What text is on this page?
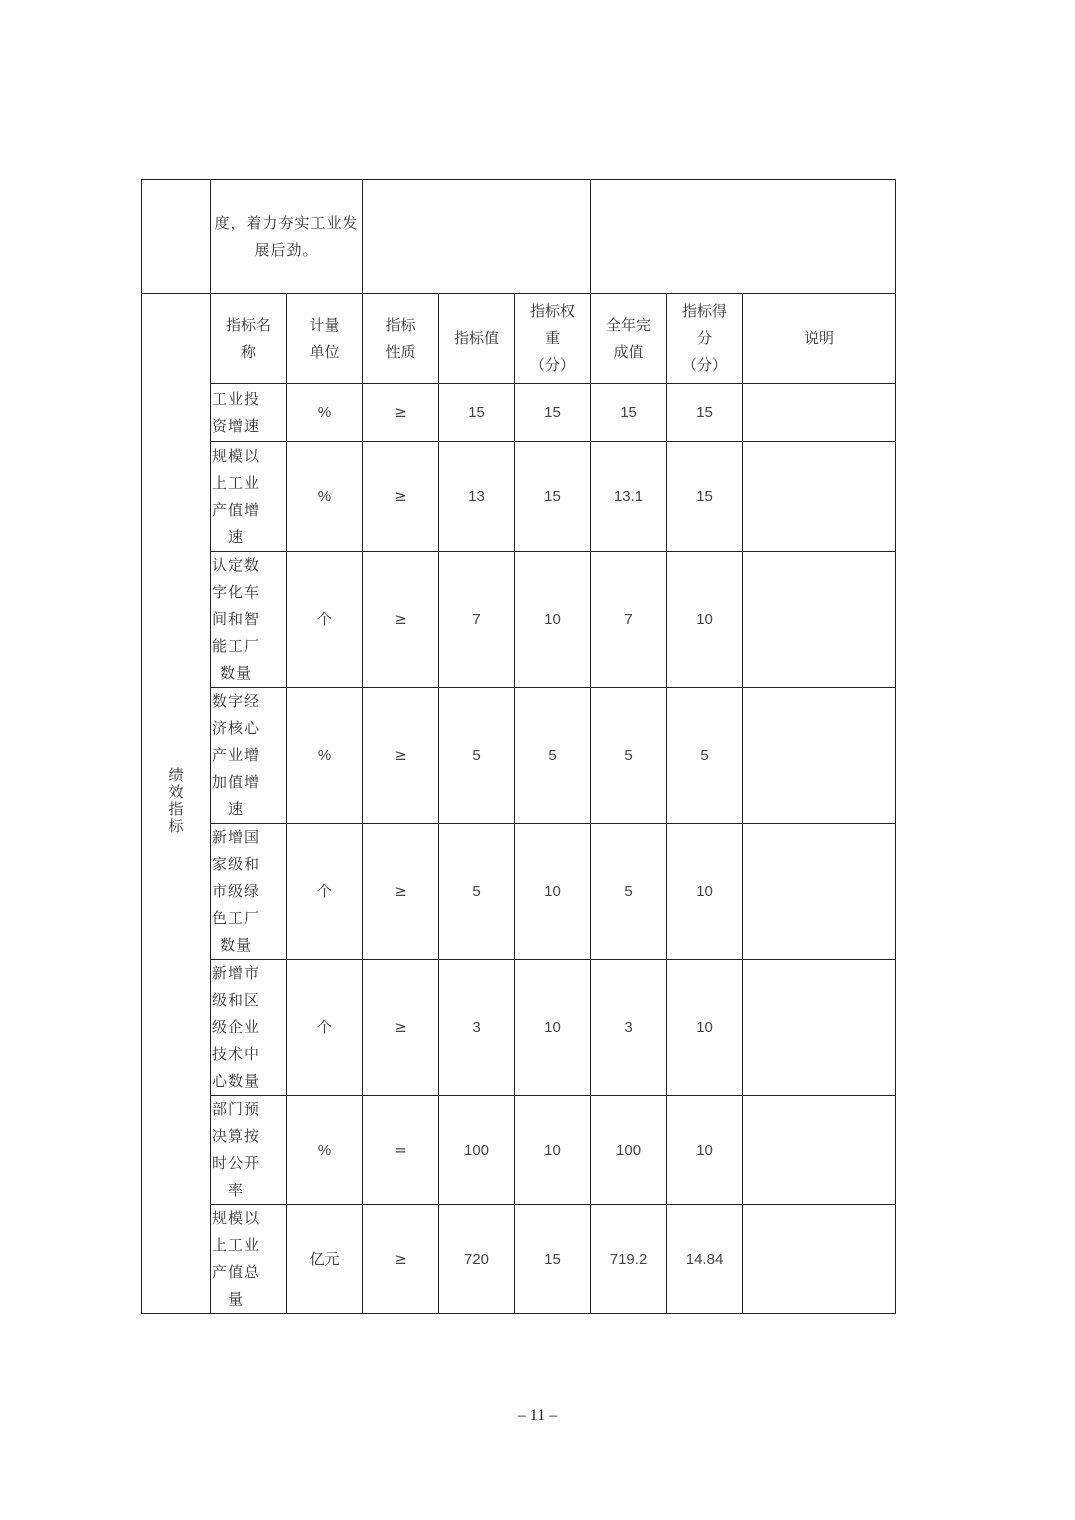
	度，着力夯实工业发展后劲。							
绩效指标	指标名称	计量单位	指标性质	指标值	指标权重（分）	全年完成值	指标得分（分）	说明

	工业投资增速	%	≥	15	15	15	15	

	规模以上工业产值增速	%	≥	13	15	13.1	15	

	认定数字化车间和智能工厂数量	个	≥	7	10	7	10	

	数字经济核心产业增加值增速	%	≥	5	5	5	5	

	新增国家级和市级绿色工厂数量	个	≥	5	10	5	10	

	新增市级和区级企业技术中心数量	个	≥	3	10	3	10	

	部门预决算按时公开率	%	=	100	10	100	10	

	规模以上工业产值总量	亿元	≥	720	15	719.2	14.84	
– 11 –
